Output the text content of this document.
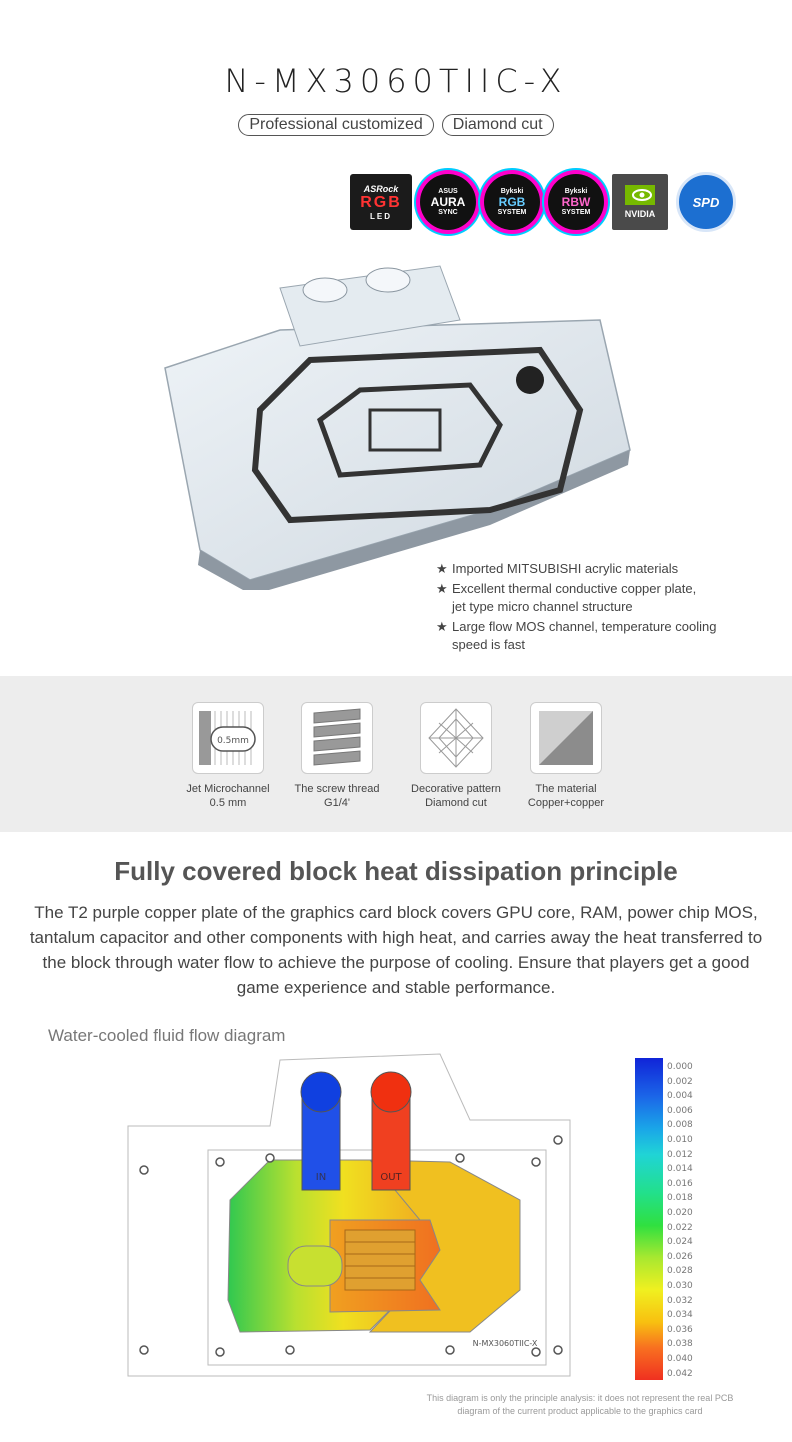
N-MX3060TIIC-X
Professional customized	Diamond cut
ASRock
RGB
LED
ASUS
AURA
SYNC
Bykski
RGB
SYSTEM
Bykski
RBW
SYSTEM	NVIDIA
SPD
★ Imported MITSUBISHI acrylic materials
★ Excellent thermal conductive copper plate,
jet type micro channel structure
★ Large flow MOS channel, temperature cooling
speed is fast
0.5mm
Jet Microchannel
0.5 mm
The screw thread
G1/4'
Decorative pattern
Diamond cut
The material
Copper+copper
Fully covered block heat dissipation principle
The T2 purple copper plate of the graphics card block covers GPU core, RAM, power chip MOS, tantalum capacitor and other components with high heat, and carries away the heat transferred to the block through water flow to achieve the purpose of cooling. Ensure that players get a good game experience and stable performance.
Water-cooled fluid flow diagram
IN	OUT
N-MX3060TIIC-X
0.000
0.002
0.004
0.006
0.008
0.010
0.012
0.014
0.016
0.018
0.020
0.022
0.024
0.026
0.028
0.030
0.032
0.034
0.036
0.038
0.040
0.042
This diagram is only the principle analysis: it does not represent the real PCB
diagram of the current product applicable to the graphics card
